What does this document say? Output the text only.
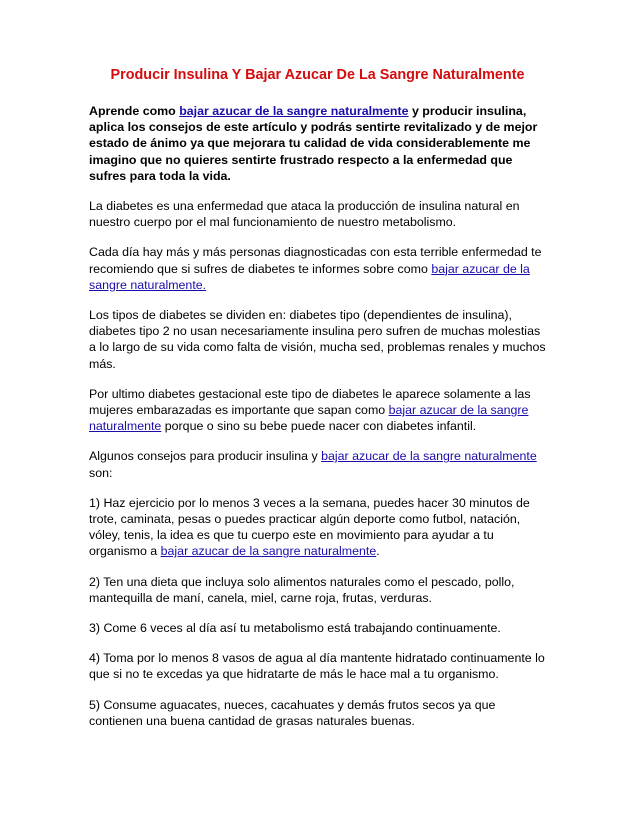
Producir Insulina Y Bajar Azucar De La Sangre Naturalmente

Aprende como bajar azucar de la sangre naturalmente y producir insulina, aplica los consejos de este artículo y podrás sentirte revitalizado y de mejor estado de ánimo ya que mejorara tu calidad de vida considerablemente me imagino que no quieres sentirte frustrado respecto a la enfermedad que sufres para toda la vida.

La diabetes es una enfermedad que ataca la producción de insulina natural en nuestro cuerpo por el mal funcionamiento de nuestro metabolismo.

Cada día hay más y más personas diagnosticadas con esta terrible enfermedad te recomiendo que si sufres de diabetes te informes sobre como bajar azucar de la sangre naturalmente.

Los tipos de diabetes se dividen en: diabetes tipo (dependientes de insulina), diabetes tipo 2 no usan necesariamente insulina pero sufren de muchas molestias a lo largo de su vida como falta de visión, mucha sed, problemas renales y muchos más.

Por ultimo diabetes gestacional este tipo de diabetes le aparece solamente a las mujeres embarazadas es importante que sapan como bajar azucar de la sangre naturalmente porque o sino su bebe puede nacer con diabetes infantil.

Algunos consejos para producir insulina y bajar azucar de la sangre naturalmente son:

1) Haz ejercicio por lo menos 3 veces a la semana, puedes hacer 30 minutos de trote, caminata, pesas o puedes practicar algún deporte como futbol, natación, vóley, tenis, la idea es que tu cuerpo este en movimiento para ayudar a tu organismo a bajar azucar de la sangre naturalmente.

2) Ten una dieta que incluya solo alimentos naturales como el pescado, pollo, mantequilla de maní, canela, miel, carne roja, frutas, verduras.

3) Come 6 veces al día así tu metabolismo está trabajando continuamente.

4) Toma por lo menos 8 vasos de agua al día mantente hidratado continuamente lo que si no te excedas ya que hidratarte de más le hace mal a tu organismo.

5) Consume aguacates, nueces, cacahuates y demás frutos secos ya que contienen una buena cantidad de grasas naturales buenas.
